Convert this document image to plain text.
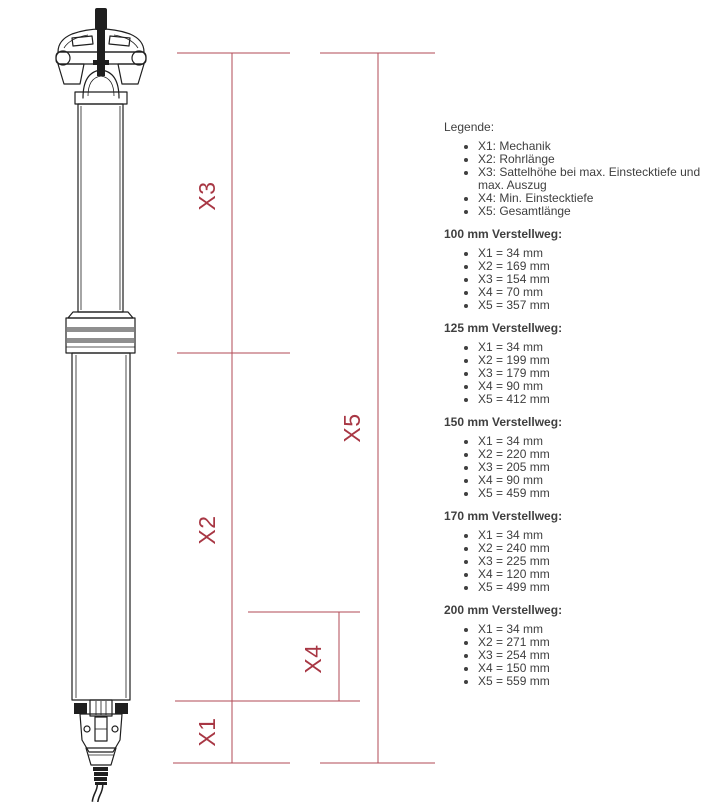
X3
X2
X1
X5
X4

Legende:

• X1: Mechanik
• X2: Rohrlänge
• X3: Sattelhöhe bei max. Einstecktiefe und max. Auszug
• X4: Min. Einstecktiefe
• X5: Gesamtlänge

100 mm Verstellweg:

• X1 = 34 mm
• X2 = 169 mm
• X3 = 154 mm
• X4 = 70 mm
• X5 = 357 mm

125 mm Verstellweg:

• X1 = 34 mm
• X2 = 199 mm
• X3 = 179 mm
• X4 = 90 mm
• X5 = 412 mm

150 mm Verstellweg:

• X1 = 34 mm
• X2 = 220 mm
• X3 = 205 mm
• X4 = 90 mm
• X5 = 459 mm

170 mm Verstellweg:

• X1 = 34 mm
• X2 = 240 mm
• X3 = 225 mm
• X4 = 120 mm
• X5 = 499 mm

200 mm Verstellweg:

• X1 = 34 mm
• X2 = 271 mm
• X3 = 254 mm
• X4 = 150 mm
• X5 = 559 mm
